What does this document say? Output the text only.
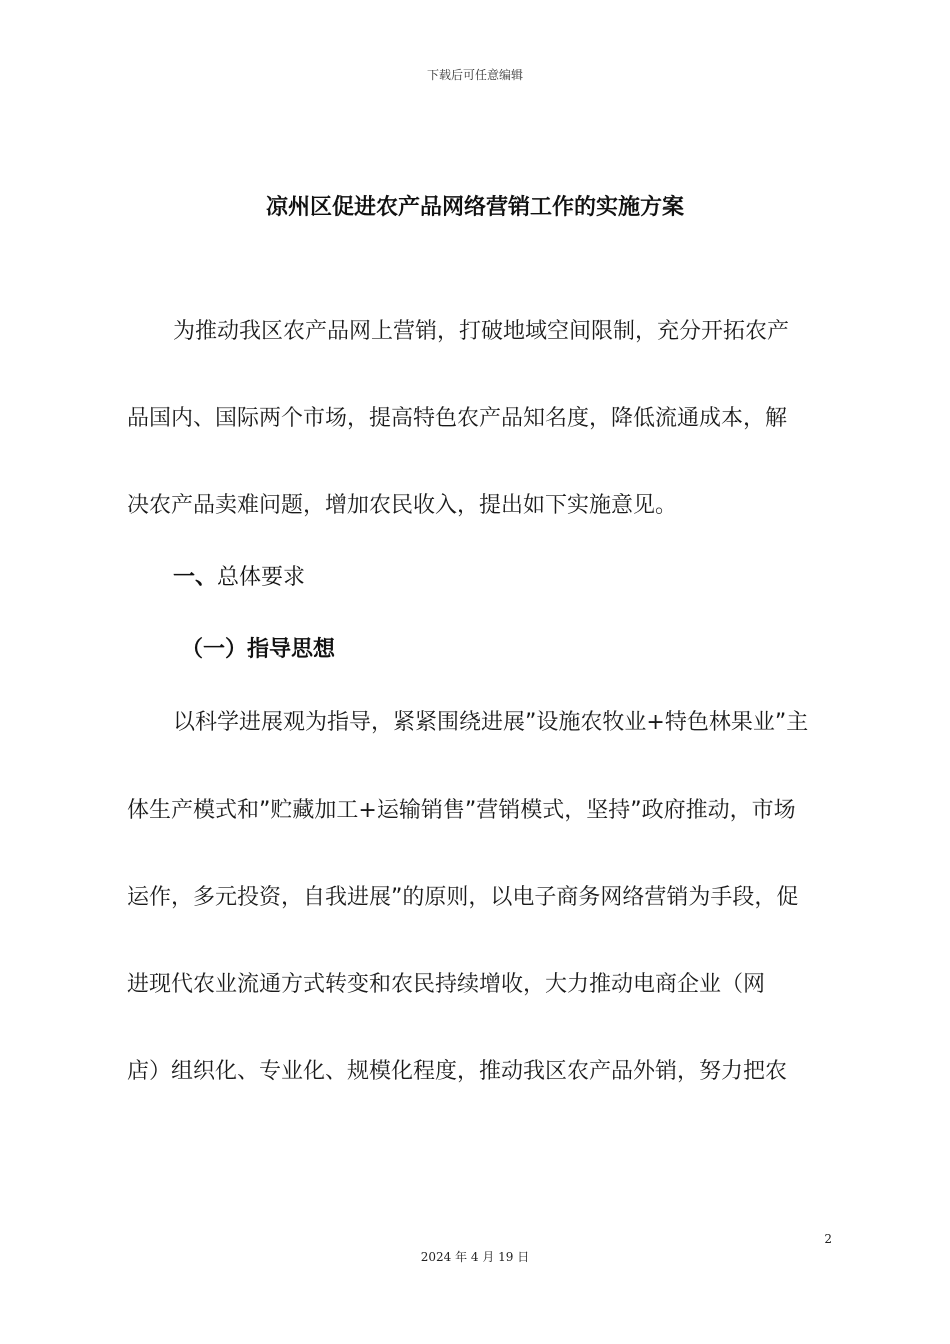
下载后可任意编辑
凉州区促进农产品网络营销工作的实施方案
为推动我区农产品网上营销，打破地域空间限制，充分开拓农产
品国内、国际两个市场，提高特色农产品知名度，降低流通成本，解
决农产品卖难问题，增加农民收入，提出如下实施意见。
一、总体要求
（一）指导思想
以科学进展观为指导，紧紧围绕进展”设施农牧业+特色林果业”主
体生产模式和”贮藏加工+运输销售”营销模式，坚持”政府推动，市场
运作，多元投资，自我进展”的原则，以电子商务网络营销为手段，促
进现代农业流通方式转变和农民持续增收，大力推动电商企业（网
店）组织化、专业化、规模化程度，推动我区农产品外销，努力把农
2
2024 年 4 月 19 日
